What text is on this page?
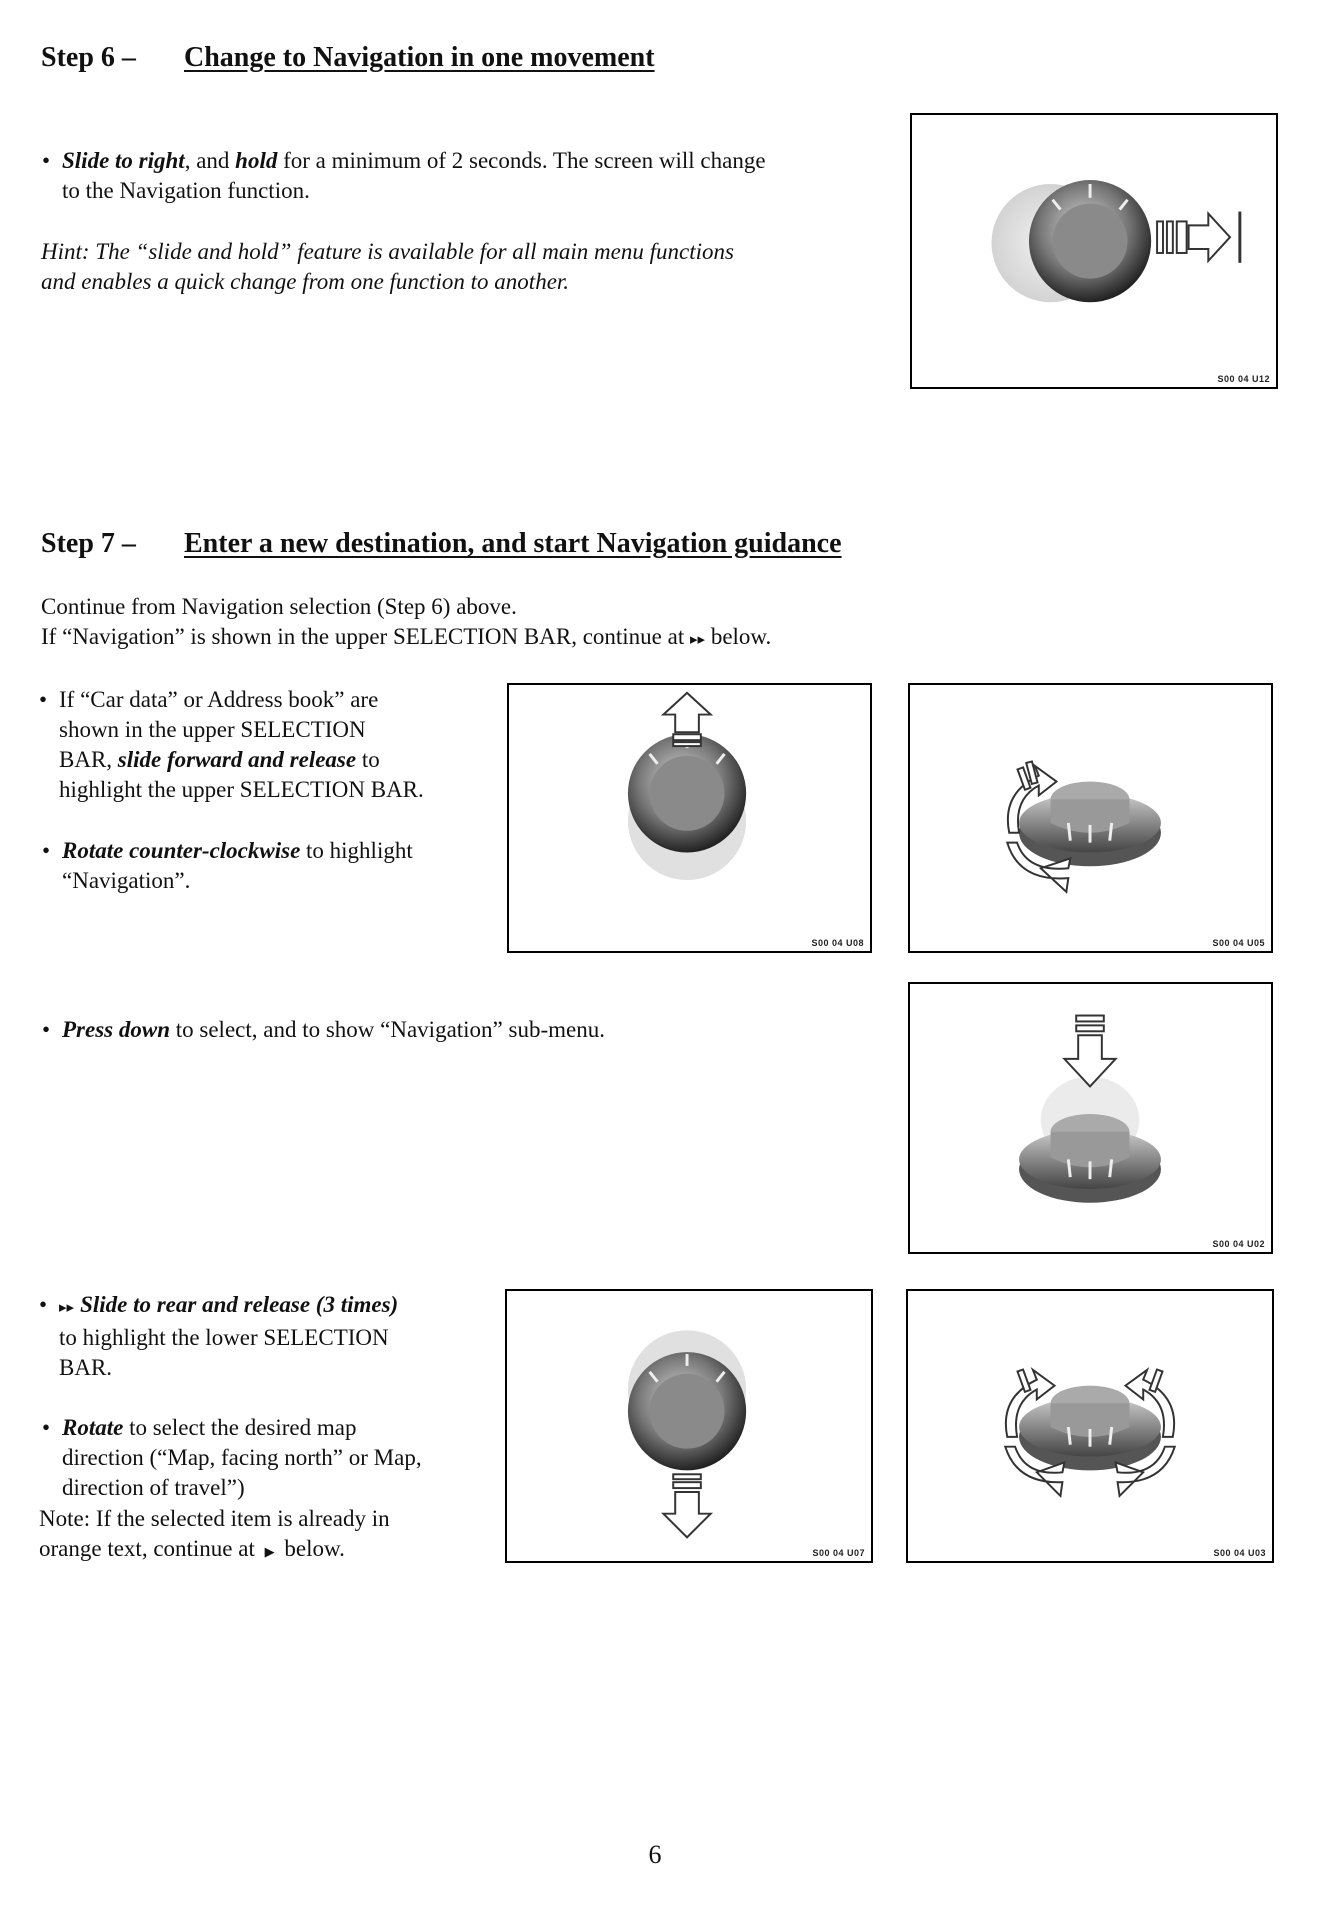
Step 6 – Change to Navigation in one movement
• Slide to right, and hold for a minimum of 2 seconds. The screen will change
to the Navigation function.
Hint: The “slide and hold” feature is available for all main menu functions
and enables a quick change from one function to another.
S00 04 U12
Step 7 – Enter a new destination, and start Navigation guidance
Continue from Navigation selection (Step 6) above.
If “Navigation” is shown in the upper SELECTION BAR, continue at ▸▸ below.
• If “Car data” or Address book” are
shown in the upper SELECTION
BAR, slide forward and release to
highlight the upper SELECTION BAR.
• Rotate counter-clockwise to highlight
“Navigation”.
• Press down to select, and to show “Navigation” sub-menu.
• ▸▸ Slide to rear and release (3 times)
to highlight the lower SELECTION
BAR.
• Rotate to select the desired map
direction (“Map, facing north” or Map,
direction of travel”)
Note: If the selected item is already in
orange text, continue at ▶ below.
S00 04 U08	S00 04 U05
S00 04 U02
S00 04 U07	S00 04 U03
6
